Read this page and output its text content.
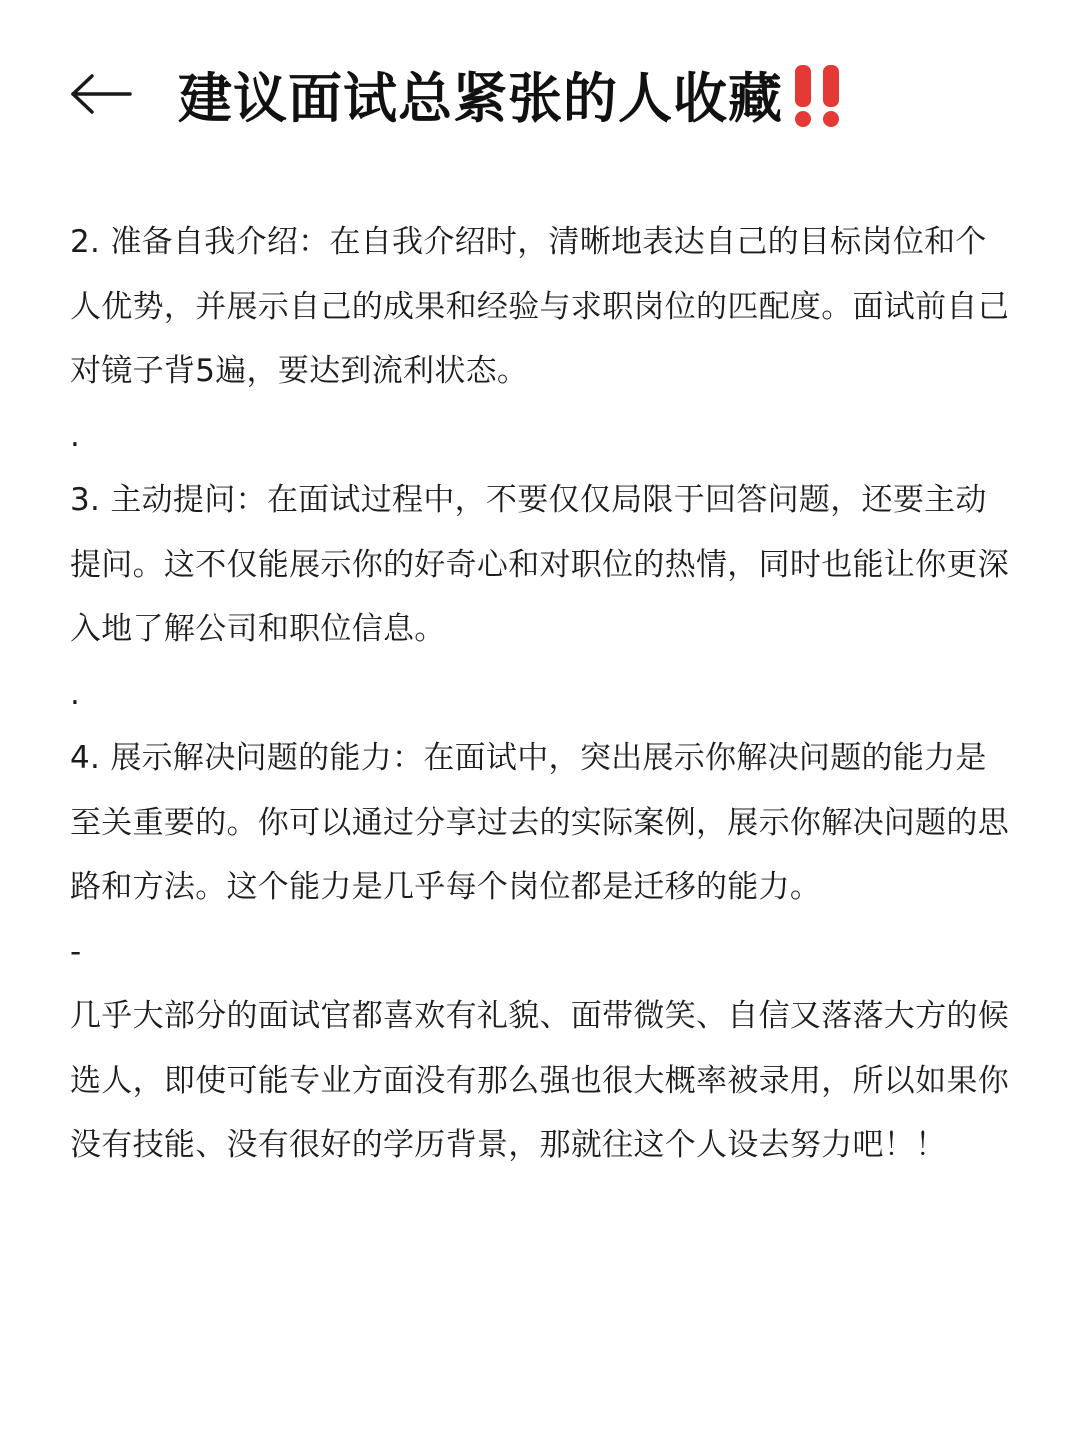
建议面试总紧张的人收藏

2. 准备自我介绍：在自我介绍时，清晰地表达自己的目标岗位和个人优势，并展示自己的成果和经验与求职岗位的匹配度。面试前自己对镜子背5遍，要达到流利状态。

.

3. 主动提问：在面试过程中，不要仅仅局限于回答问题，还要主动提问。这不仅能展示你的好奇心和对职位的热情，同时也能让你更深入地了解公司和职位信息。

.

4. 展示解决问题的能力：在面试中，突出展示你解决问题的能力是至关重要的。你可以通过分享过去的实际案例，展示你解决问题的思路和方法。这个能力是几乎每个岗位都是迁移的能力。

-

几乎大部分的面试官都喜欢有礼貌、面带微笑、自信又落落大方的候选人，即使可能专业方面没有那么强也很大概率被录用，所以如果你没有技能、没有很好的学历背景，那就往这个人设去努力吧！！
